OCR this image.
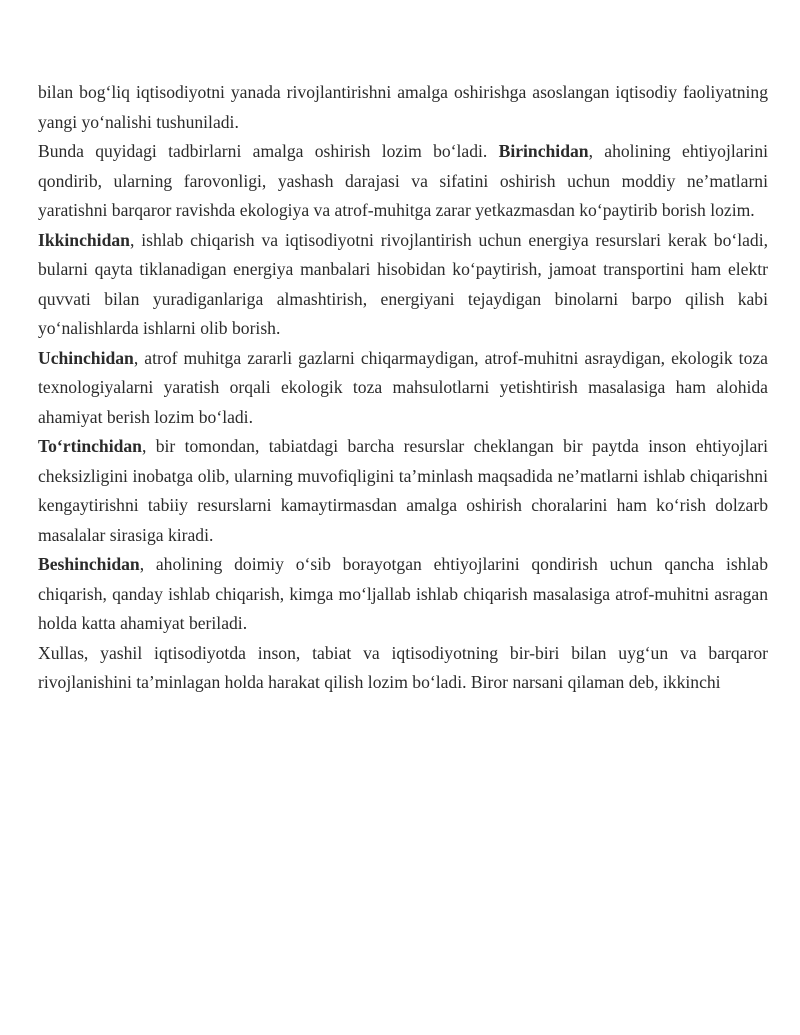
bilan bog‘liq iqtisodiyotni yanada rivojlantirishni amalga oshirishga asoslangan iqtisodiy faoliyatning yangi yo‘nalishi tushuniladi.

Bunda quyidagi tadbirlarni amalga oshirish lozim bo‘ladi. Birinchidan, aholining ehtiyojlarini qondirib, ularning farovonligi, yashash darajasi va sifatini oshirish uchun moddiy ne’matlarni yaratishni barqaror ravishda ekologiya va atrof-muhitga zarar yetkazmasdan ko‘paytirib borish lozim.

Ikkinchidan, ishlab chiqarish va iqtisodiyotni rivojlantirish uchun energiya resurslari kerak bo‘ladi, bularni qayta tiklanadigan energiya manbalari hisobidan ko‘paytirish, jamoat transportini ham elektr quvvati bilan yuradiganlariga almashtirish, energiyani tejaydigan binolarni barpo qilish kabi yo‘nalishlarda ishlarni olib borish.

Uchinchidan, atrof muhitga zararli gazlarni chiqarmaydigan, atrof-muhitni asraydigan, ekologik toza texnologiyalarni yaratish orqali ekologik toza mahsulotlarni yetishtirish masalasiga ham alohida ahamiyat berish lozim bo‘ladi.

To‘rtinchidan, bir tomondan, tabiatdagi barcha resurslar cheklangan bir paytda inson ehtiyojlari cheksizligini inobatga olib, ularning muvofiqligini ta’minlash maqsadida ne’matlarni ishlab chiqarishni kengaytirishni tabiiy resurslarni kamaytirmasdan amalga oshirish choralarini ham ko‘rish dolzarb masalalar sirasiga kiradi.

Beshinchidan, aholining doimiy o‘sib borayotgan ehtiyojlarini qondirish uchun qancha ishlab chiqarish, qanday ishlab chiqarish, kimga mo‘ljallab ishlab chiqarish masalasiga atrof-muhitni asragan holda katta ahamiyat beriladi.

Xullas, yashil iqtisodiyotda inson, tabiat va iqtisodiyotning bir-biri bilan uyg‘un va barqaror rivojlanishini ta’minlagan holda harakat qilish lozim bo‘ladi. Biror narsani qilaman deb, ikkinchi
